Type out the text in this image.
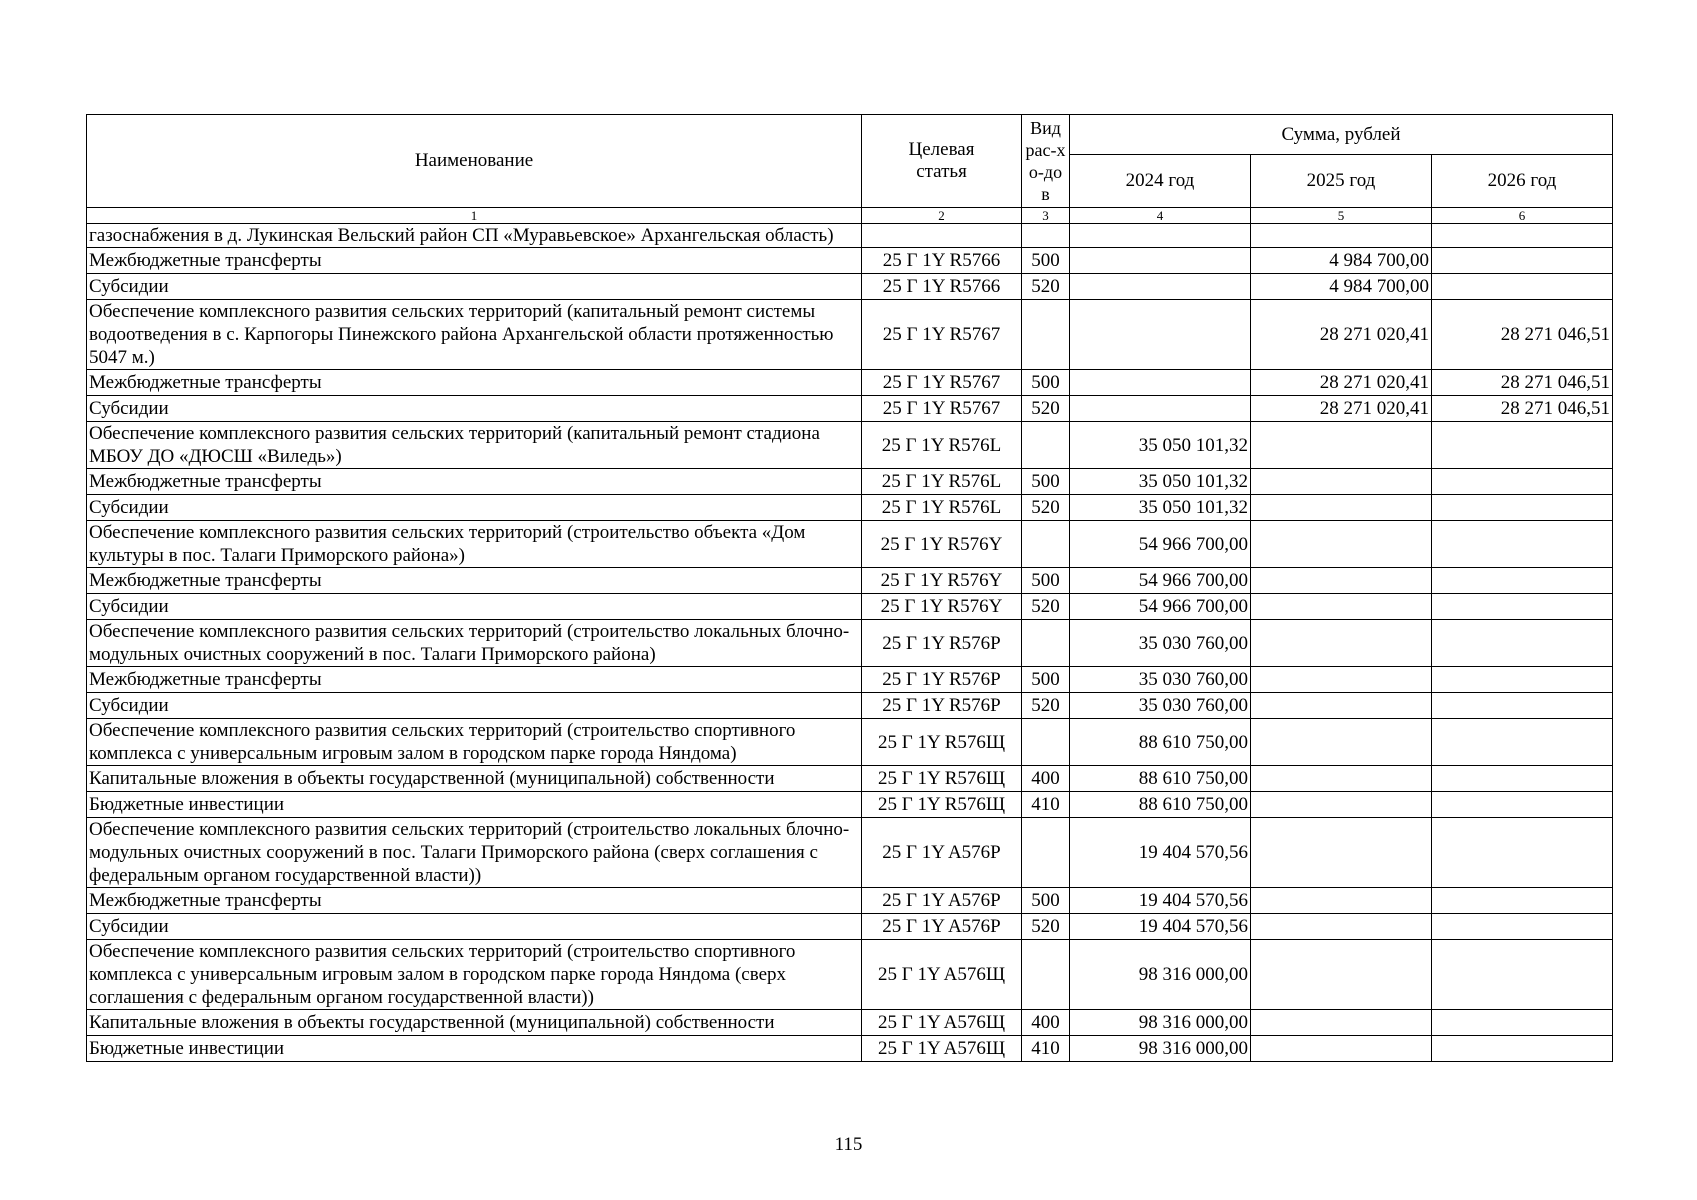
Наименование	Целевая статья	Вид рас-хо-дов	Сумма, рублей		
			2024 год	2025 год	2026 год
1	2	3	4	5	6
газоснабжения в д. Лукинская Вельский район СП «Муравьевское» Архангельская область)					
Межбюджетные трансферты	25 Г 1Y R5766	500		4 984 700,00	
Субсидии	25 Г 1Y R5766	520		4 984 700,00	
Обеспечение комплексного развития сельских территорий (капитальный ремонт системы водоотведения в с. Карпогоры Пинежского района Архангельской области протяженностью 5047 м.)	25 Г 1Y R5767			28 271 020,41	28 271 046,51
Межбюджетные трансферты	25 Г 1Y R5767	500		28 271 020,41	28 271 046,51
Субсидии	25 Г 1Y R5767	520		28 271 020,41	28 271 046,51
Обеспечение комплексного развития сельских территорий (капитальный ремонт стадиона МБОУ ДО «ДЮСШ «Виледь»)	25 Г 1Y R576L		35 050 101,32		
Межбюджетные трансферты	25 Г 1Y R576L	500	35 050 101,32		
Субсидии	25 Г 1Y R576L	520	35 050 101,32		
Обеспечение комплексного развития сельских территорий (строительство объекта «Дом культуры в пос. Талаги Приморского района»)	25 Г 1Y R576Y		54 966 700,00		
Межбюджетные трансферты	25 Г 1Y R576Y	500	54 966 700,00		
Субсидии	25 Г 1Y R576Y	520	54 966 700,00		
Обеспечение комплексного развития сельских территорий (строительство локальных блочно-модульных очистных сооружений в пос. Талаги Приморского района)	25 Г 1Y R576P		35 030 760,00		
Межбюджетные трансферты	25 Г 1Y R576P	500	35 030 760,00		
Субсидии	25 Г 1Y R576P	520	35 030 760,00		
Обеспечение комплексного развития сельских территорий (строительство спортивного комплекса с универсальным игровым залом в городском парке города Няндома)	25 Г 1Y R576Щ		88 610 750,00		
Капитальные вложения в объекты государственной (муниципальной) собственности	25 Г 1Y R576Щ	400	88 610 750,00		
Бюджетные инвестиции	25 Г 1Y R576Щ	410	88 610 750,00		
Обеспечение комплексного развития сельских территорий (строительство локальных блочно-модульных очистных сооружений в пос. Талаги Приморского района (сверх соглашения с федеральным органом государственной власти))	25 Г 1Y A576P		19 404 570,56		
Межбюджетные трансферты	25 Г 1Y A576P	500	19 404 570,56		
Субсидии	25 Г 1Y A576P	520	19 404 570,56		
Обеспечение комплексного развития сельских территорий (строительство спортивного комплекса с универсальным игровым залом в городском парке города Няндома (сверх соглашения с федеральным органом государственной власти))	25 Г 1Y A576Щ		98 316 000,00		
Капитальные вложения в объекты государственной (муниципальной) собственности	25 Г 1Y A576Щ	400	98 316 000,00		
Бюджетные инвестиции	25 Г 1Y A576Щ	410	98 316 000,00		
115
